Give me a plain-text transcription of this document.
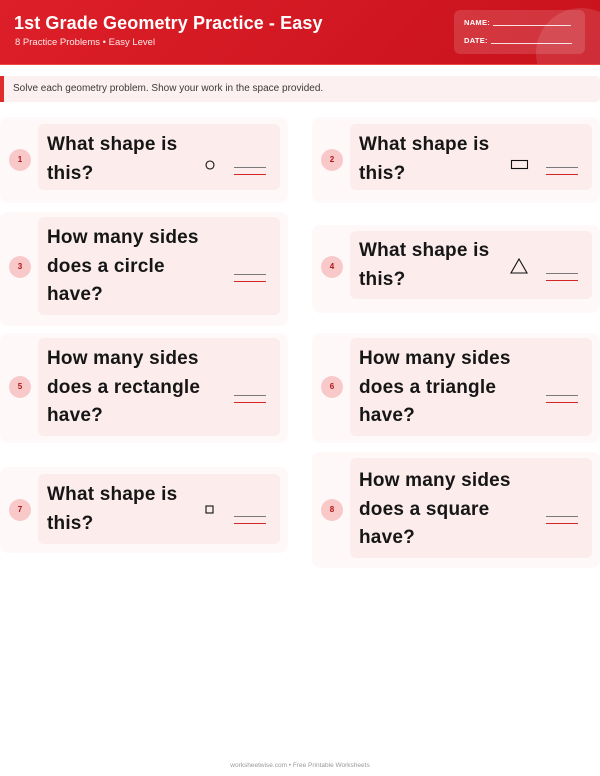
1st Grade Geometry Practice - Easy
8 Practice Problems • Easy Level
NAME:
DATE:
Solve each geometry problem. Show your work in the space provided.
1
What shape is this?
2
What shape is this?
3
How many sides does a circle have?
4
What shape is this?
5
How many sides does a rectangle have?
6
How many sides does a triangle have?
7
What shape is this?
8
How many sides does a square have?
worksheetwise.com • Free Printable Worksheets
